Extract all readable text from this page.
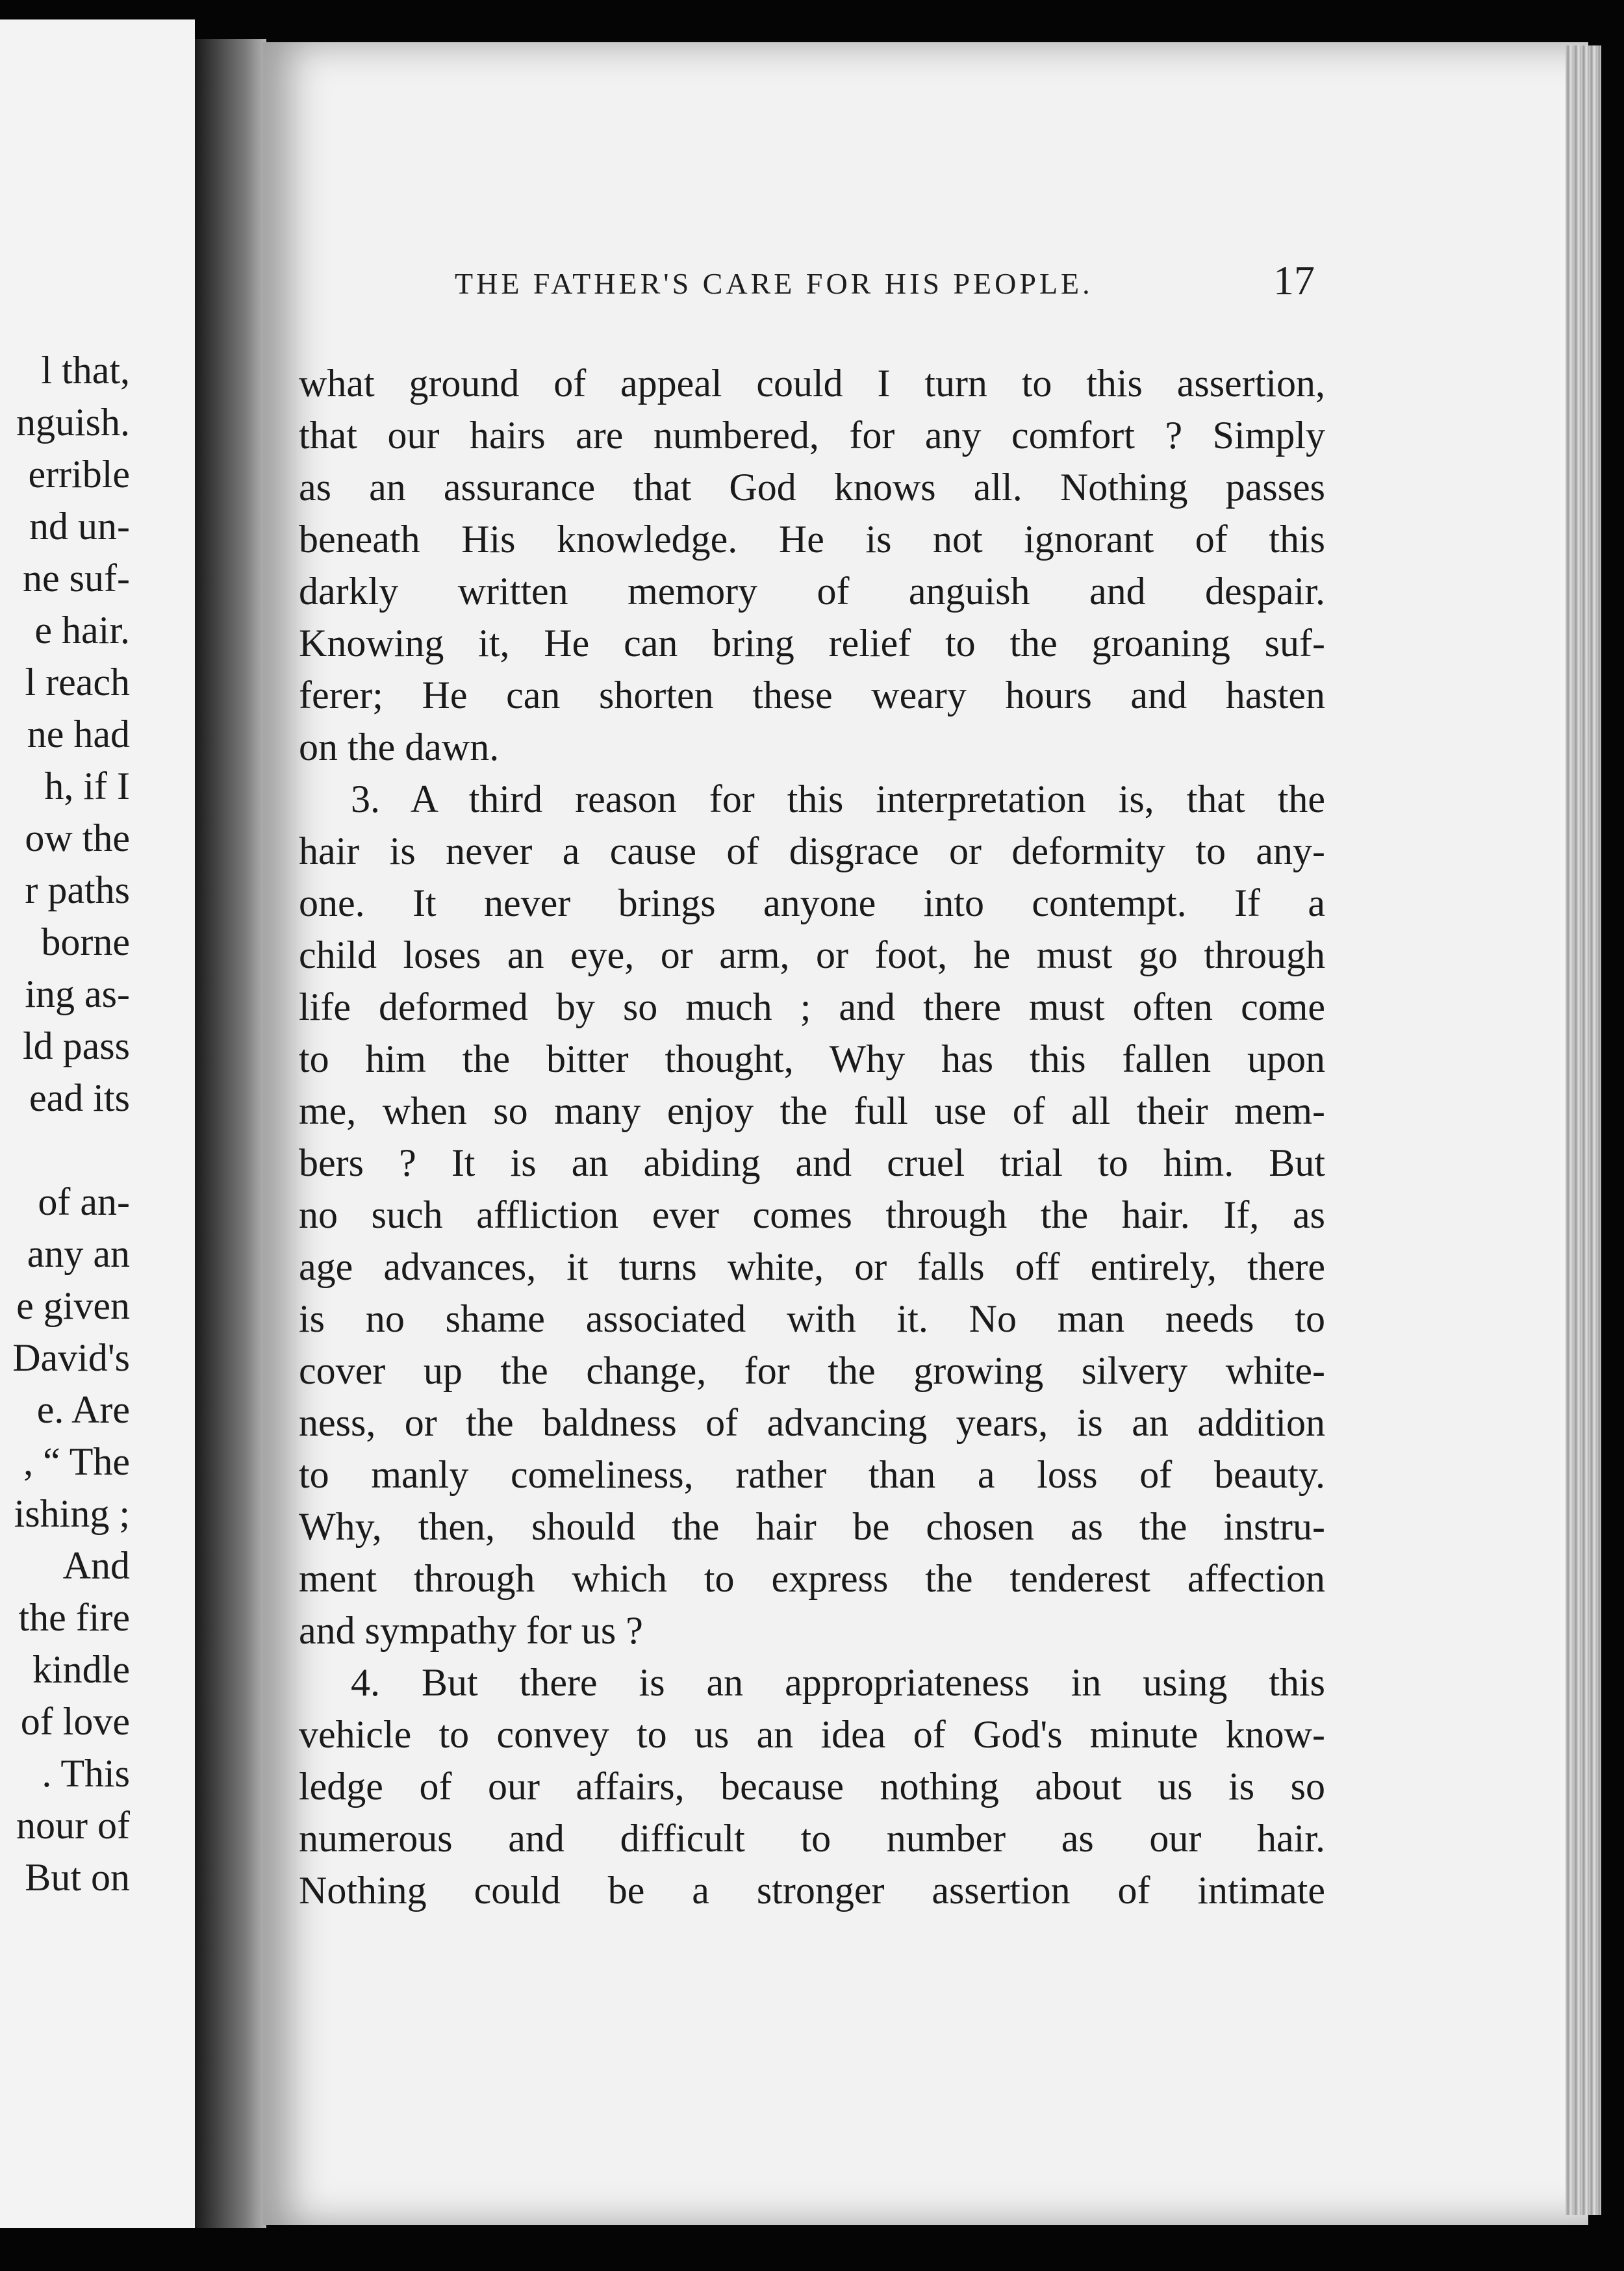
l that,
nguish.
errible
nd un-
ne suf-
e hair.
l reach
ne had
h, if I
ow the
r paths
borne
ing as-
ld pass
ead its
of an-
any an
e given
David's
e. Are
, “ The
ishing ;
And
the fire
kindle
of love
. This
nour of
But on
THE FATHER'S CARE FOR HIS PEOPLE.	17
what ground of appeal could I turn to this assertion,
that our hairs are numbered, for any comfort ? Simply
as an assurance that God knows all. Nothing passes
beneath His knowledge. He is not ignorant of this
darkly written memory of anguish and despair.
Knowing it, He can bring relief to the groaning suf-
ferer; He can shorten these weary hours and hasten
on the dawn.
3. A third reason for this interpretation is, that the
hair is never a cause of disgrace or deformity to any-
one. It never brings anyone into contempt. If a
child loses an eye, or arm, or foot, he must go through
life deformed by so much ; and there must often come
to him the bitter thought, Why has this fallen upon
me, when so many enjoy the full use of all their mem-
bers ? It is an abiding and cruel trial to him. But
no such affliction ever comes through the hair. If, as
age advances, it turns white, or falls off entirely, there
is no shame associated with it. No man needs to
cover up the change, for the growing silvery white-
ness, or the baldness of advancing years, is an addition
to manly comeliness, rather than a loss of beauty.
Why, then, should the hair be chosen as the instru-
ment through which to express the tenderest affection
and sympathy for us ?
4. But there is an appropriateness in using this
vehicle to convey to us an idea of God's minute know-
ledge of our affairs, because nothing about us is so
numerous and difficult to number as our hair.
Nothing could be a stronger assertion of intimate
